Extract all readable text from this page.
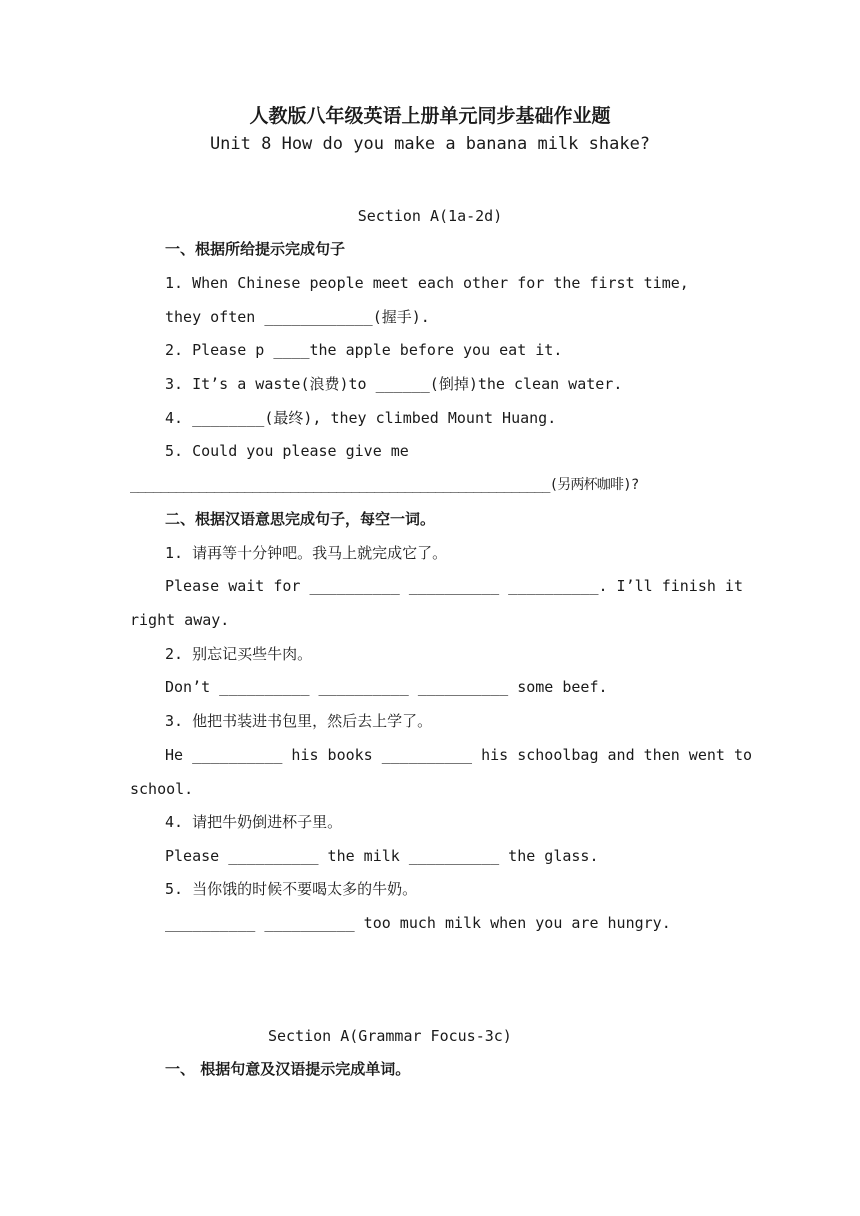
人教版八年级英语上册单元同步基础作业题
Unit 8 How do you make a banana milk shake?
Section A(1a-2d)
一、根据所给提示完成句子
1. When Chinese people meet each other for the first time,
they often ____________(握手).
2. Please p ____the apple before you eat it.
3. It’s a waste(浪费)to ______(倒掉)the clean water.
4. ________(最终), they climbed Mount Huang.
5. Could you please give me
_______________________________________________________(另两杯咖啡)?
二、根据汉语意思完成句子，每空一词。
1. 请再等十分钟吧。我马上就完成它了。
Please wait for __________ __________ __________. I’ll finish it
right away.
2. 别忘记买些牛肉。
Don’t __________ __________ __________ some beef.
3. 他把书装进书包里，然后去上学了。
He __________ his books __________ his schoolbag and then went to
school.
4. 请把牛奶倒进杯子里。
Please __________ the milk __________ the glass.
5. 当你饿的时候不要喝太多的牛奶。
__________ __________ too much milk when you are hungry.
Section A(Grammar Focus-3c)
一、 根据句意及汉语提示完成单词。
